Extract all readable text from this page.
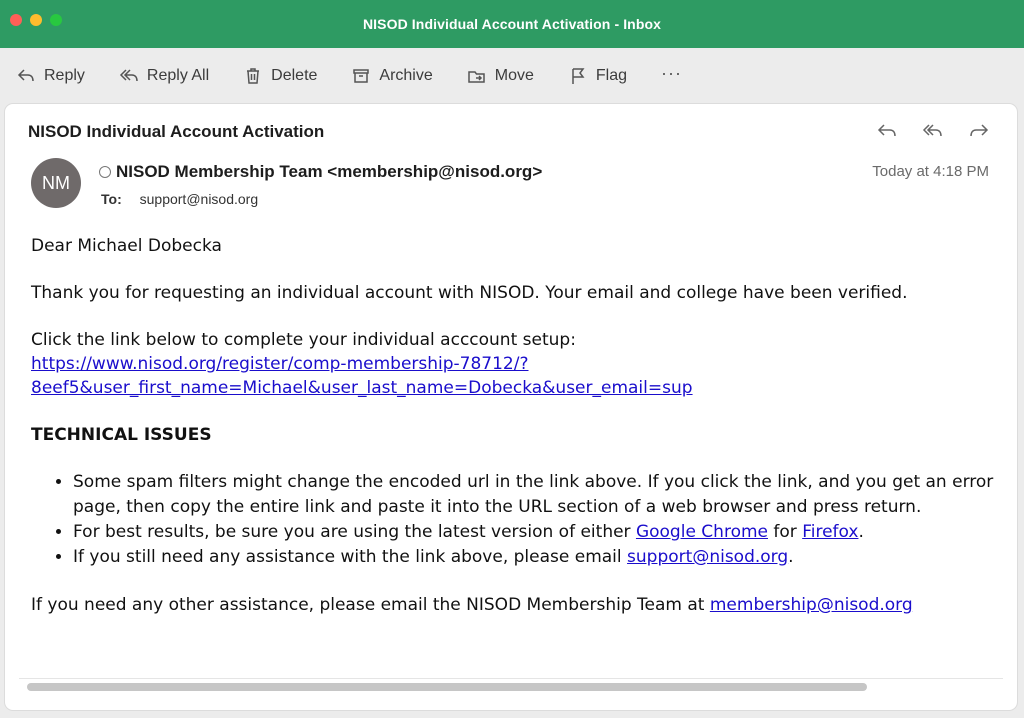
NISOD Individual Account Activation - Inbox
Reply	Reply All	Delete	Archive	Move	Flag ···
NISOD Individual Account Activation
NM
NISOD Membership Team <membership@nisod.org>
To: support@nisod.org
Today at 4:18 PM

Dear Michael Dobecka

Thank you for requesting an individual account with NISOD. Your email and college have been verified.

Click the link below to complete your individual acccount setup:
https://www.nisod.org/register/comp-membership-78712/?
8eef5&user_first_name=Michael&user_last_name=Dobecka&user_email=sup

TECHNICAL ISSUES

• Some spam filters might change the encoded url in the link above. If you click the link, and you get an error page, then copy the entire link and paste it into the URL section of a web browser and press return.
• For best results, be sure you are using the latest version of either Google Chrome for Firefox.
• If you still need any assistance with the link above, please email support@nisod.org.

If you need any other assistance, please email the NISOD Membership Team at membership@nisod.org
